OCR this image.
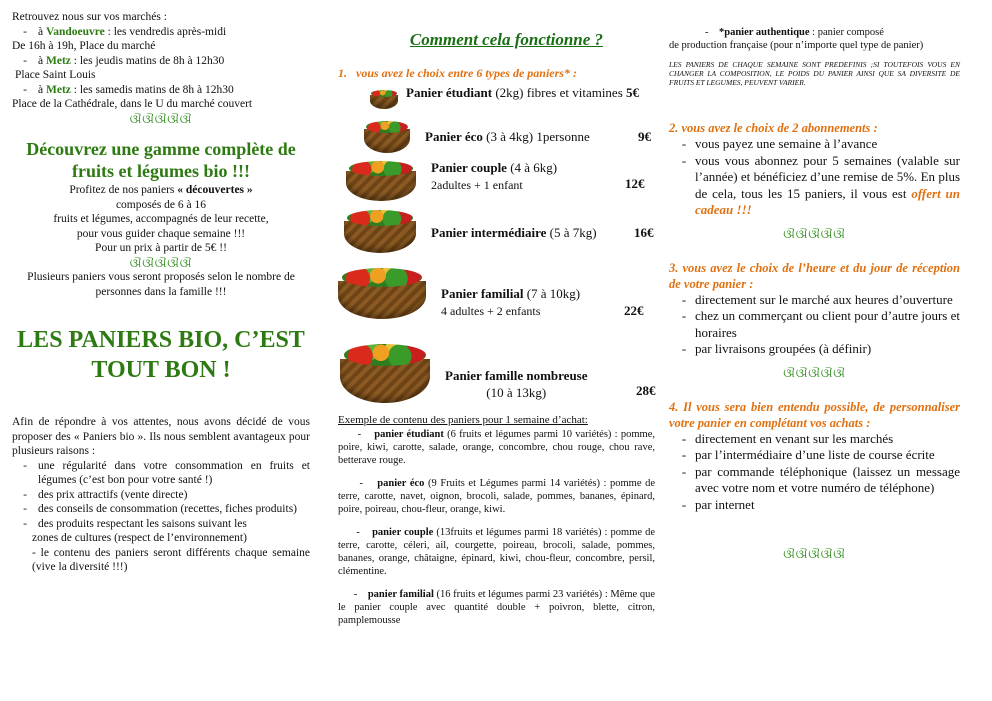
Retrouvez nous sur vos marchés :
- à Vandoeuvre : les vendredis après-midi
De 16h à 19h, Place du marché
- à Metz : les jeudis matins de 8h à 12h30
Place Saint Louis
- à Metz : les samedis matins de 8h à 12h30
Place de la Cathédrale, dans le U du marché couvert
ଔଔଔଔଔ
Découvrez une gamme complète de fruits et légumes bio !!!
Profitez de nos paniers « découvertes »
composés de 6 à 16
fruits et légumes, accompagnés de leur recette,
pour vous guider chaque semaine !!!
Pour un prix à partir de 5€ !!
ଔଔଔଔଔ
Plusieurs paniers vous seront proposés selon le nombre de personnes dans la famille !!!
LES PANIERS BIO, C’EST TOUT BON !
Afin de répondre à vos attentes, nous avons décidé de vous proposer des « Paniers bio ». Ils nous semblent avantageux pour plusieurs raisons :
- une régularité dans votre consommation en fruits et légumes (c’est bon pour votre santé !)
- des prix attractifs (vente directe)
- des conseils de consommation (recettes, fiches produits)
- des produits respectant les saisons suivant les
zones de cultures (respect de l’environnement)
- le contenu des paniers seront différents chaque semaine (vive la diversité !!!)
Comment cela fonctionne ?
1. vous avez le choix entre 6 types de paniers* :
Panier étudiant (2kg) fibres et vitamines 5€
Panier éco (3 à 4kg) 1personne	9€
Panier couple (4 à 6kg)
2adultes + 1 enfant	12€
Panier intermédiaire (5 à 7kg)	16€
Panier familial (7 à 10kg)
4 adultes + 2 enfants	22€
Panier famille nombreuse
(10 à 13kg)	28€
Exemple de contenu des paniers pour 1 semaine d’achat:

-    panier étudiant (6 fruits et légumes parmi 10 variétés) : pomme, poire, kiwi, carotte, salade, orange, concombre, chou rouge, chou rave, betterave rouge.

-    panier éco (9 Fruits et Légumes parmi 14 variétés) : pomme de terre, carotte, navet, oignon, brocoli, salade, pommes, bananes, épinard, poire, poireau, chou-fleur, orange, kiwi.

-    panier couple (13fruits et légumes parmi 18 variétés) : pomme de terre, carotte, céleri, ail, courgette, poireau, brocoli, salade, pommes, bananes, orange, châtaigne, épinard, kiwi, chou-fleur, concombre, persil, clémentine.

-    panier familial (16 fruits et légumes parmi 23 variétés) : Même que le panier couple avec quantité double + poivron, blette, citron, pamplemousse

-    *panier authentique : panier composé
de production française (pour n’importe quel type de panier)
LES PANIERS DE CHAQUE SEMAINE SONT PREDEFINIS ;SI TOUTEFOIS VOUS EN CHANGER LA COMPOSITION, LE POIDS DU PANIER AINSI QUE SA DIVERSITE DE FRUITS ET LEGUMES, PEUVENT VARIER.
2. vous avez le choix de 2 abonnements :
- vous payez une semaine à l’avance
- vous vous abonnez pour 5 semaines (valable sur l’année) et bénéficiez d’une remise de 5%. En plus de cela, tous les 15 paniers, il vous est offert un cadeau !!!
ଔଔଔଔଔ
3. vous avez le choix de l’heure et du jour de réception de votre panier :
- directement sur le marché aux heures d’ouverture
- chez un commerçant ou client pour d’autre jours et horaires
- par livraisons groupées (à définir)
ଔଔଔଔଔ
4. Il vous sera bien entendu possible, de personnaliser votre panier en complétant vos achats :
- directement en venant sur les marchés
- par l’intermédiaire d’une liste de course écrite
- par commande téléphonique (laissez un message avec votre nom et votre numéro de téléphone)
- par internet
ଔଔଔଔଔ
